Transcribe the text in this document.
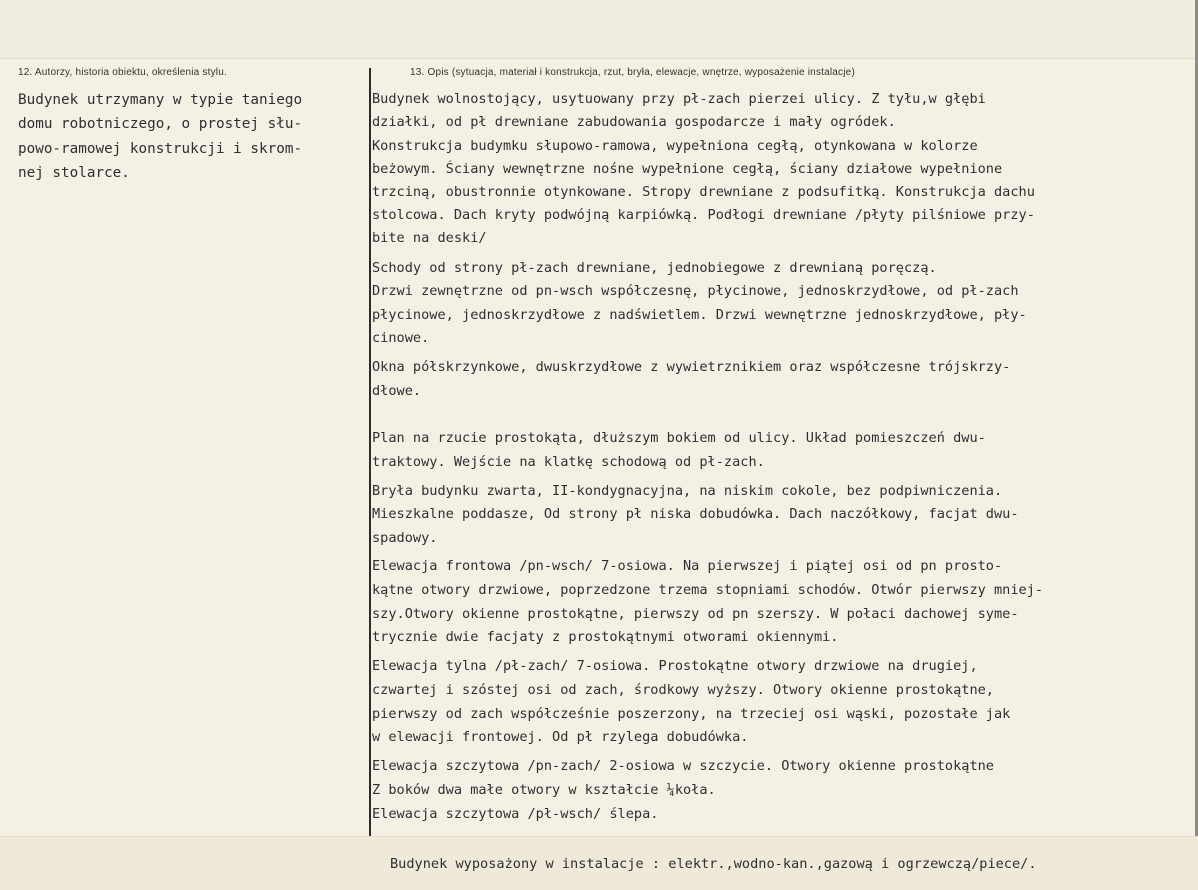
12. Autorzy, historia obiektu, określenia stylu.	13. Opis (sytuacja, materiał i konstrukcja, rzut, bryła, elewacje, wnętrze, wyposażenie instalacje)
Budynek utrzymany w typie taniego
domu robotniczego, o prostej słu-
powo-ramowej konstrukcji i skrom-
nej stolarce.
Budynek wolnostojący, usytuowany przy pł-zach pierzei ulicy. Z tyłu,w głębi
działki, od pł drewniane zabudowania gospodarcze i mały ogródek.
Konstrukcja budymku słupowo-ramowa, wypełniona cegłą, otynkowana w kolorze
beżowym. Ściany wewnętrzne nośne wypełnione cegłą, ściany działowe wypełnione
trzciną, obustronnie otynkowane. Stropy drewniane z podsufitką. Konstrukcja dachu
stolcowa. Dach kryty podwójną karpiówką. Podłogi drewniane /płyty pilśniowe przy-
bite na deski/
Schody od strony pł-zach drewniane, jednobiegowe z drewnianą poręczą.
Drzwi zewnętrzne od pn-wsch współczesnę, płycinowe, jednoskrzydłowe, od pł-zach
płycinowe, jednoskrzydłowe z nadświetlem. Drzwi wewnętrzne jednoskrzydłowe, pły-
cinowe.
Okna półskrzynkowe, dwuskrzydłowe z wywietrznikiem oraz współczesne trójskrzy-
dłowe.
Plan na rzucie prostokąta, dłuższym bokiem od ulicy. Układ pomieszczeń dwu-
traktowy. Wejście na klatkę schodową od pł-zach.
Bryła budynku zwarta, II-kondygnacyjna, na niskim cokole, bez podpiwniczenia.
Mieszkalne poddasze, Od strony pł niska dobudówka. Dach naczółkowy, facjat dwu-
spadowy.
Elewacja frontowa /pn-wsch/ 7-osiowa. Na pierwszej i piątej osi od pn prosto-
kątne otwory drzwiowe, poprzedzone trzema stopniami schodów. Otwór pierwszy mniej-
szy.Otwory okienne prostokątne, pierwszy od pn szerszy. W połaci dachowej syme-
trycznie dwie facjaty z prostokątnymi otworami okiennymi.
Elewacja tylna /pł-zach/ 7-osiowa. Prostokątne otwory drzwiowe na drugiej,
czwartej i szóstej osi od zach, środkowy wyższy. Otwory okienne prostokątne,
pierwszy od zach współcześnie poszerzony, na trzeciej osi wąski, pozostałe jak
w elewacji frontowej. Od pł rzylega dobudówka.
Elewacja szczytowa /pn-zach/ 2-osiowa w szczycie. Otwory okienne prostokątne
Z boków dwa małe otwory w kształcie ¼koła.
Elewacja szczytowa /pł-wsch/ ślepa.
Budynek wyposażony w instalacje : elektr.,wodno-kan.,gazową i ogrzewczą/piece/.
